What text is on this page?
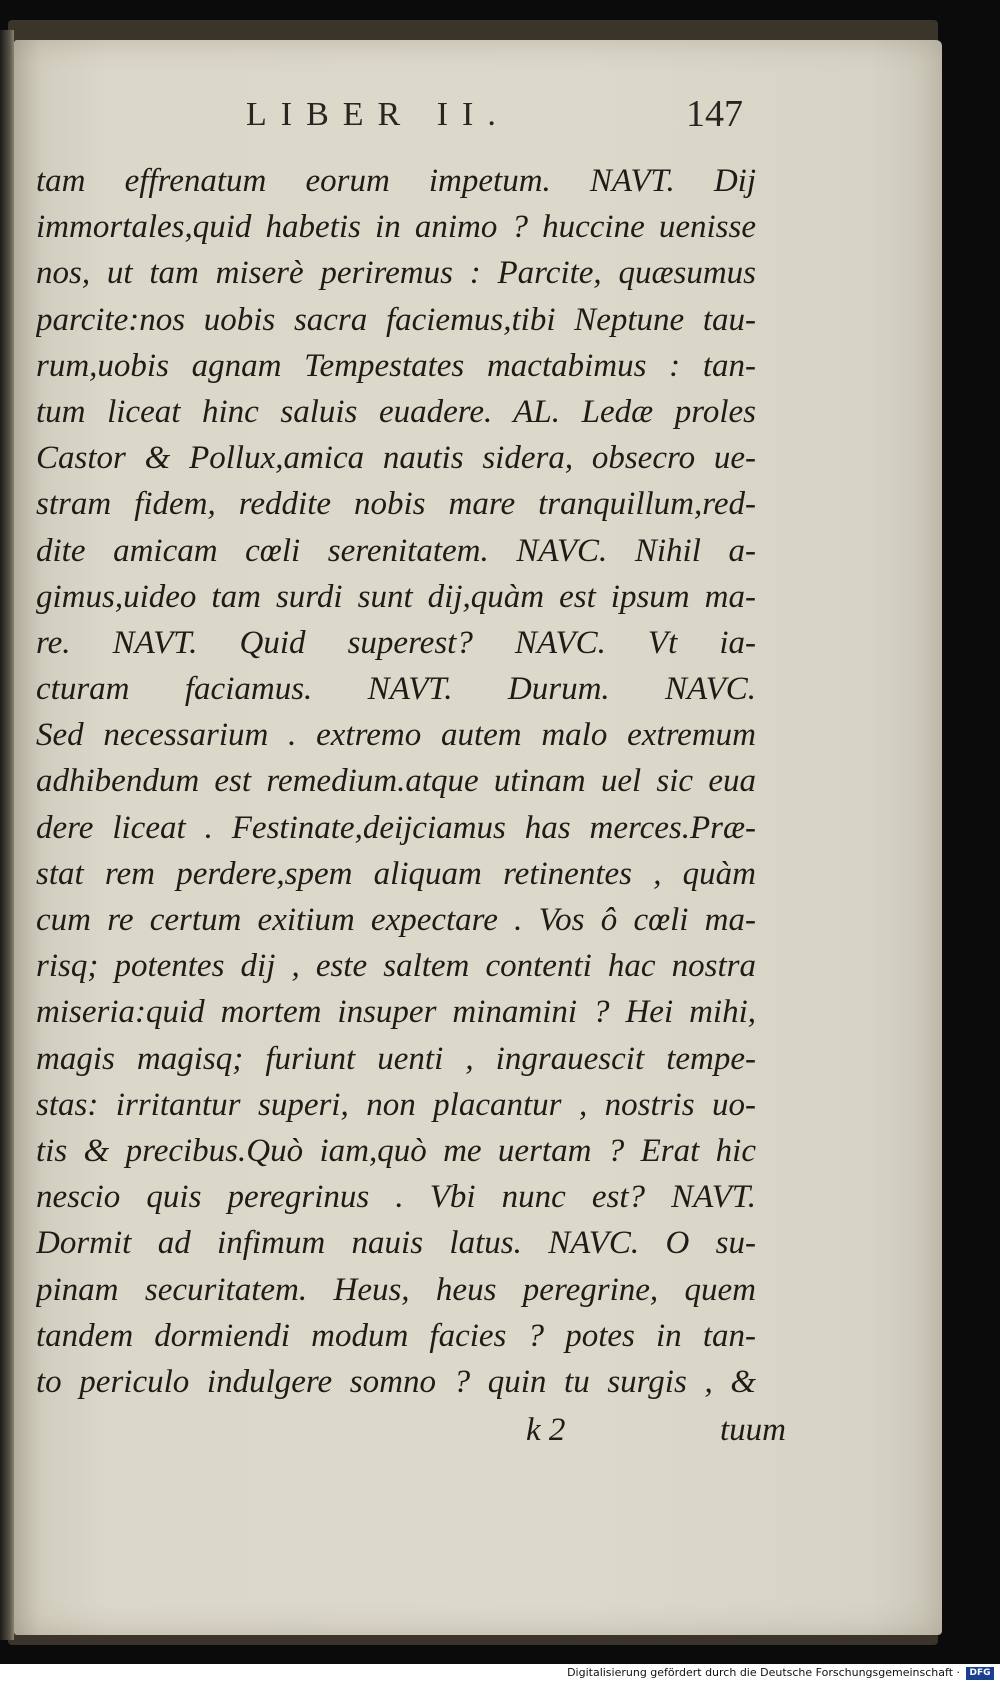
LIBER II.	147
tam effrenatum eorum impetum. NAVT. Dij
immortales,quid habetis in animo ? huccine uenisse
nos, ut tam miserè periremus : Parcite, quæsumus
parcite:nos uobis sacra faciemus,tibi Neptune tau-
rum,uobis agnam Tempestates mactabimus : tan-
tum liceat hinc saluis euadere. AL. Ledæ proles
Castor & Pollux,amica nautis sidera, obsecro ue-
stram fidem, reddite nobis mare tranquillum,red-
dite amicam cœli serenitatem. NAVC. Nihil a-
gimus,uideo tam surdi sunt dij,quàm est ipsum ma-
re. NAVT. Quid superest? NAVC. Vt ia-
cturam faciamus. NAVT. Durum. NAVC.
Sed necessarium . extremo autem malo extremum
adhibendum est remedium.atque utinam uel sic eua
dere liceat . Festinate,deijciamus has merces.Præ-
stat rem perdere,spem aliquam retinentes , quàm
cum re certum exitium expectare . Vos ô cœli ma-
risq; potentes dij , este saltem contenti hac nostra
miseria:quid mortem insuper minamini ? Hei mihi,
magis magisq; furiunt uenti , ingrauescit tempe-
stas: irritantur superi, non placantur , nostris uo-
tis & precibus.Quò iam,quò me uertam ? Erat hic
nescio quis peregrinus . Vbi nunc est? NAVT.
Dormit ad infimum nauis latus. NAVC. O su-
pinam securitatem. Heus, heus peregrine, quem
tandem dormiendi modum facies ? potes in tan-
to periculo indulgere somno ? quin tu surgis , &
k 2	tuum
Digitalisierung gefördert durch die Deutsche Forschungsgemeinschaft ·	DFG
